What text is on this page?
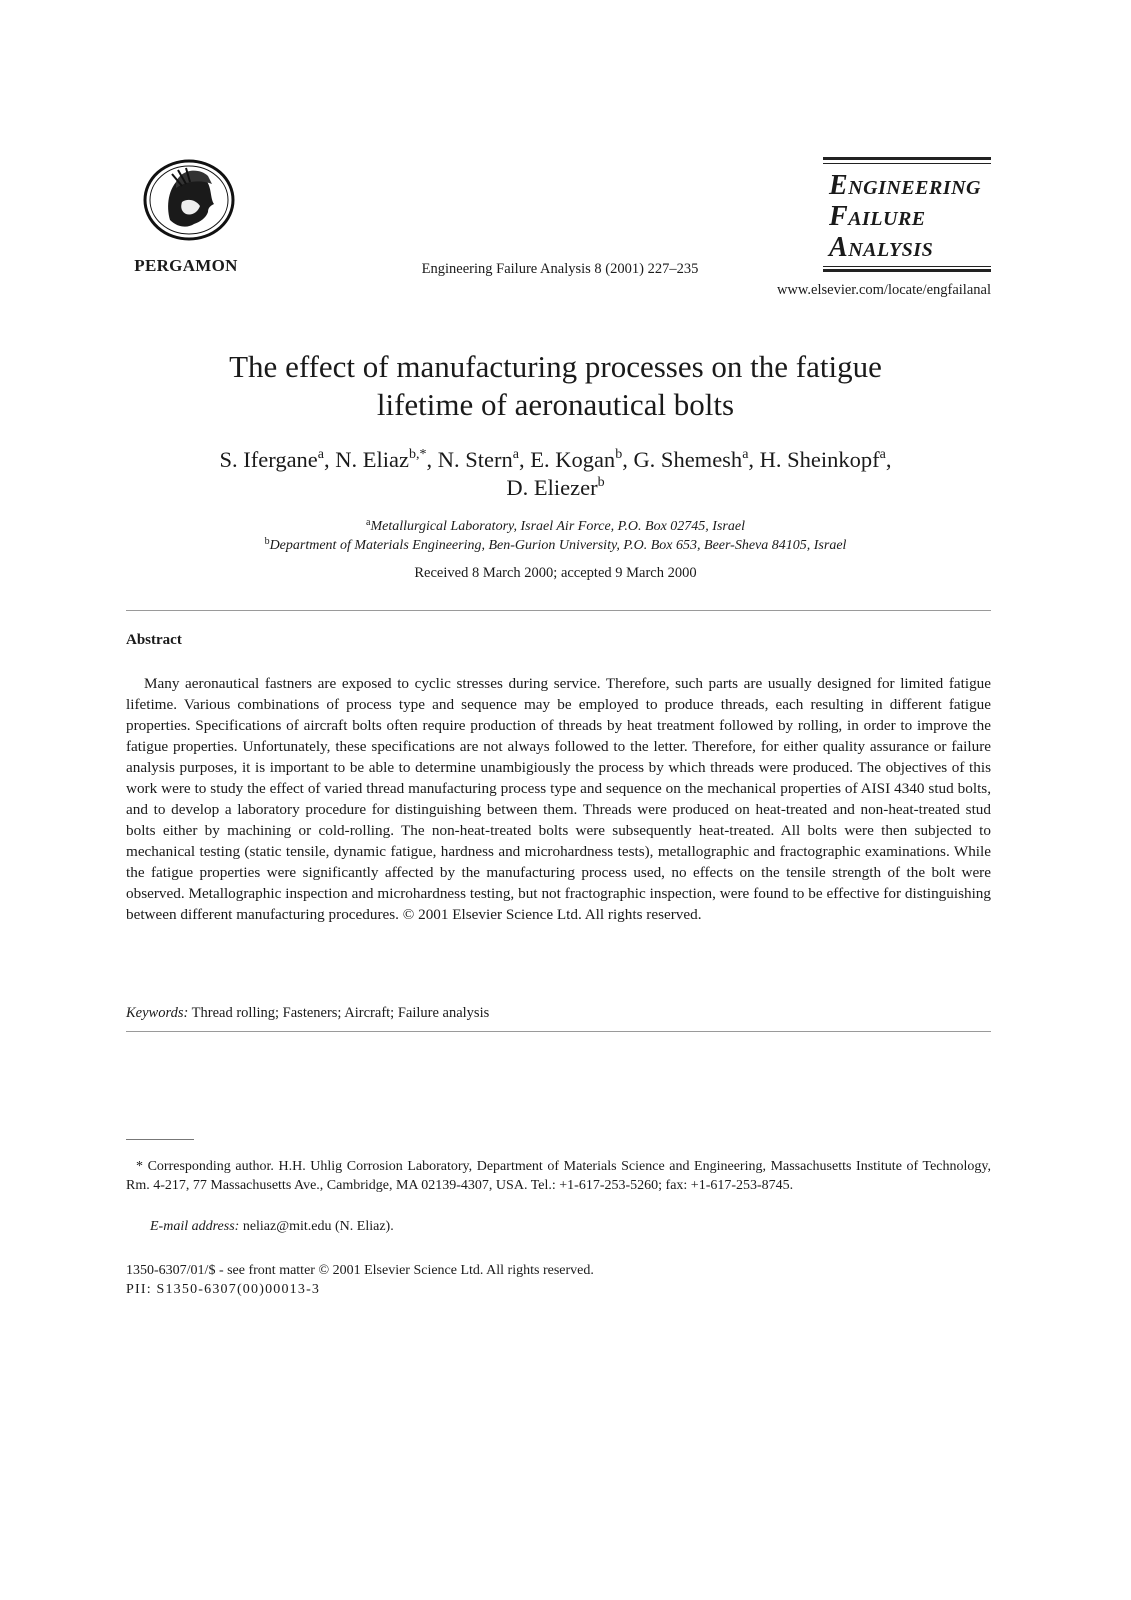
PERGAMON	Engineering Failure Analysis 8 (2001) 227–235
ENGINEERING
FAILURE
ANALYSIS
www.elsevier.com/locate/engfailanal
The effect of manufacturing processes on the fatigue
lifetime of aeronautical bolts
S. Ifergane$^a$, N. Eliaz$^{b,*}$, N. Stern$^a$, E. Kogan$^b$, G. Shemesh$^a$, H. Sheinkopf$^a$,
D. Eliezer$^b$
$^a$Metallurgical Laboratory, Israel Air Force, P.O. Box 02745, Israel
$^b$Department of Materials Engineering, Ben-Gurion University, P.O. Box 653, Beer-Sheva 84105, Israel
Received 8 March 2000; accepted 9 March 2000
Abstract

Many aeronautical fastners are exposed to cyclic stresses during service. Therefore, such parts are usually designed for limited fatigue lifetime. Various combinations of process type and sequence may be employed to produce threads, each resulting in different fatigue properties. Specifications of aircraft bolts often require production of threads by heat treatment followed by rolling, in order to improve the fatigue properties. Unfortunately, these specifications are not always followed to the letter. Therefore, for either quality assurance or failure analysis purposes, it is important to be able to determine unambigiously the process by which threads were produced. The objectives of this work were to study the effect of varied thread manufacturing process type and sequence on the mechanical properties of AISI 4340 stud bolts, and to develop a laboratory procedure for distinguishing between them. Threads were produced on heat-treated and non-heat-treated stud bolts either by machining or cold-rolling. The non-heat-treated bolts were subsequently heat-treated. All bolts were then subjected to mechanical testing (static tensile, dynamic fatigue, hardness and microhardness tests), metallographic and fractographic examinations. While the fatigue properties were significantly affected by the manufacturing process used, no effects on the tensile strength of the bolt were observed. Metallographic inspection and microhardness testing, but not fractographic inspection, were found to be effective for distinguishing between different manufacturing procedures. © 2001 Elsevier Science Ltd. All rights reserved.

Keywords: Thread rolling; Fasteners; Aircraft; Failure analysis

* Corresponding author. H.H. Uhlig Corrosion Laboratory, Department of Materials Science and Engineering, Massachusetts Institute of Technology, Rm. 4-217, 77 Massachusetts Ave., Cambridge, MA 02139-4307, USA. Tel.: +1-617-253-5260; fax: +1-617-253-8745.

E-mail address: neliaz@mit.edu (N. Eliaz).
1350-6307/01/$ - see front matter © 2001 Elsevier Science Ltd. All rights reserved.
PII: S1350-6307(00)00013-3
